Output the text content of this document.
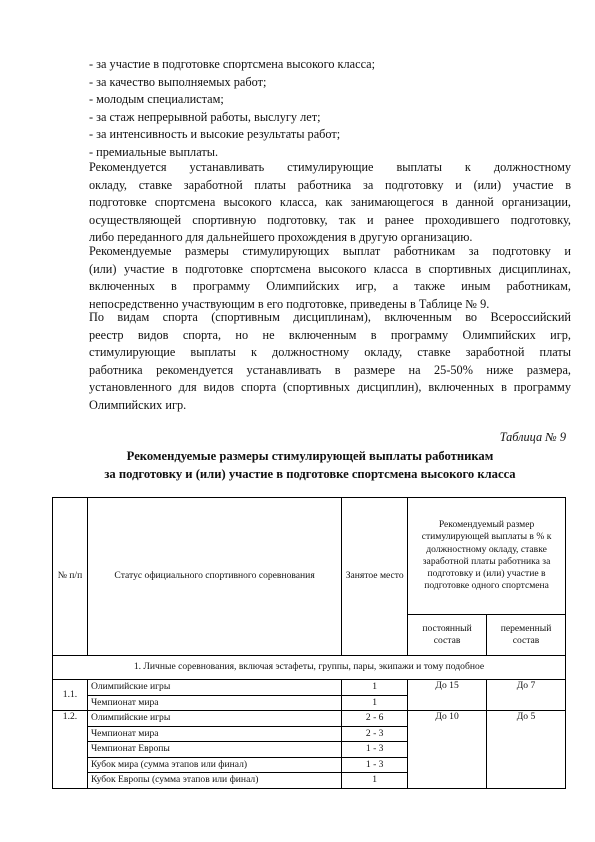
- за участие в подготовке спортсмена высокого класса;
- за качество выполняемых работ;
- молодым специалистам;
- за стаж непрерывной работы, выслугу лет;
- за интенсивность и высокие результаты работ;
- премиальные выплаты.
Рекомендуется устанавливать стимулирующие выплаты к должностному
окладу, ставке заработной платы работника за подготовку и (или) участие в
подготовке спортсмена высокого класса, как занимающегося в данной организации,
осуществляющей спортивную подготовку, так и ранее проходившего подготовку,
либо переданного для дальнейшего прохождения в другую организацию.
Рекомендуемые размеры стимулирующих выплат работникам за подготовку и
(или) участие в подготовке спортсмена высокого класса в спортивных дисциплинах,
включенных в программу Олимпийских игр, а также иным работникам,
непосредственно участвующим в его подготовке, приведены в Таблице № 9.
По видам спорта (спортивным дисциплинам), включенным во Всероссийский
реестр видов спорта, но не включенным в программу Олимпийских игр,
стимулирующие выплаты к должностному окладу, ставке заработной платы
работника рекомендуется устанавливать в размере на 25-50% ниже размера,
установленного для видов спорта (спортивных дисциплин), включенных в программу
Олимпийских игр.
Таблица № 9
Рекомендуемые размеры стимулирующей выплаты работникам
за подготовку и (или) участие в подготовке спортсмена высокого класса
№ п/п	Статус официального спортивного соревнования	Занятое место	Рекомендуемый размер стимулирующей выплаты в % к должностному окладу, ставке заработной платы работника за подготовку и (или) участие в подготовке одного спортсмена	
			постоянный состав	переменный состав
1. Личные соревнования, включая эстафеты, группы, пары, экипажи и тому подобное				
1.1.	Олимпийские игры	1	До 15	До 7
	Чемпионат мира	1		
1.2.	Олимпийские игры	2 - 6	До 10	До 5
	Чемпионат мира	2 - 3		
	Чемпионат Европы	1 - 3		
	Кубок мира (сумма этапов или финал)	1 - 3		
	Кубок Европы (сумма этапов или финал)	1		
